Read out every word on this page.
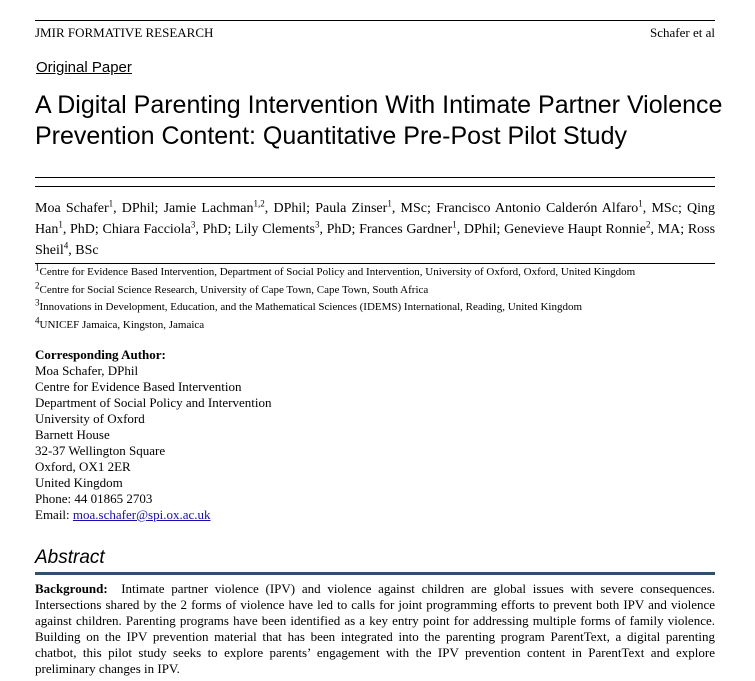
JMIR FORMATIVE RESEARCH	Schafer et al
Original Paper
A Digital Parenting Intervention With Intimate Partner Violence
Prevention Content: Quantitative Pre-Post Pilot Study
Moa Schafer$^1$, DPhil; Jamie Lachman$^{1,2}$, DPhil; Paula Zinser$^1$, MSc; Francisco Antonio Calderón Alfaro$^1$, MSc; Qing Han$^1$, PhD; Chiara Facciola$^3$, PhD; Lily Clements$^3$, PhD; Frances Gardner$^1$, DPhil; Genevieve Haupt Ronnie$^2$, MA; Ross Sheil$^4$, BSc
$^1$Centre for Evidence Based Intervention, Department of Social Policy and Intervention, University of Oxford, Oxford, United Kingdom
$^2$Centre for Social Science Research, University of Cape Town, Cape Town, South Africa
$^3$Innovations in Development, Education, and the Mathematical Sciences (IDEMS) International, Reading, United Kingdom
$^4$UNICEF Jamaica, Kingston, Jamaica
Corresponding Author:
Moa Schafer, DPhil
Centre for Evidence Based Intervention
Department of Social Policy and Intervention
University of Oxford
Barnett House
32-37 Wellington Square
Oxford, OX1 2ER
United Kingdom
Phone: 44 01865 2703
Email: moa.schafer@spi.ox.ac.uk
Abstract
Background: Intimate partner violence (IPV) and violence against children are global issues with severe consequences. Intersections shared by the 2 forms of violence have led to calls for joint programming efforts to prevent both IPV and violence against children. Parenting programs have been identified as a key entry point for addressing multiple forms of family violence. Building on the IPV prevention material that has been integrated into the parenting program ParentText, a digital parenting chatbot, this pilot study seeks to explore parents’ engagement with the IPV prevention content in ParentText and explore preliminary changes in IPV.
